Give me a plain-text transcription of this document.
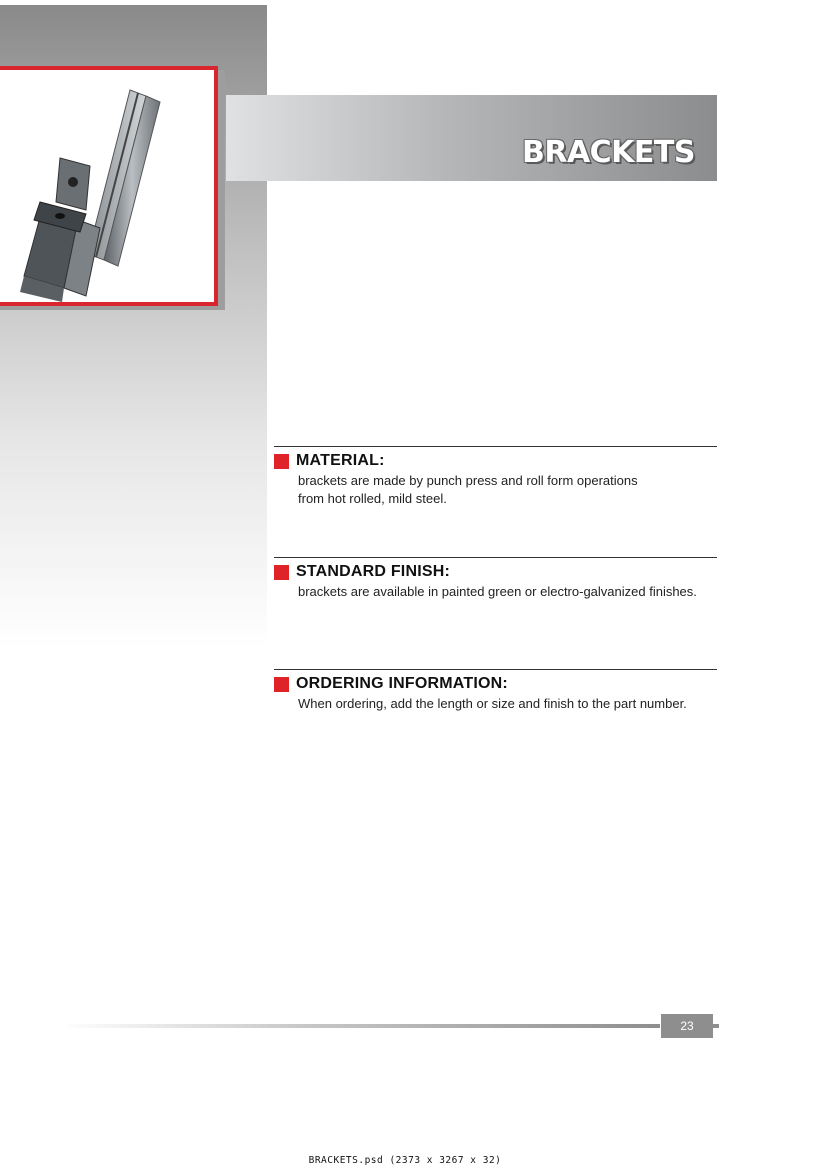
BRACKETS
MATERIAL:
brackets are made by punch press and roll form operations
from hot rolled, mild steel.
STANDARD FINISH:
brackets are available in painted green or electro-galvanized finishes.
ORDERING INFORMATION:
When ordering, add the length or size and finish to the part number.
23
BRACKETS.psd (2373 x 3267 x 32)
